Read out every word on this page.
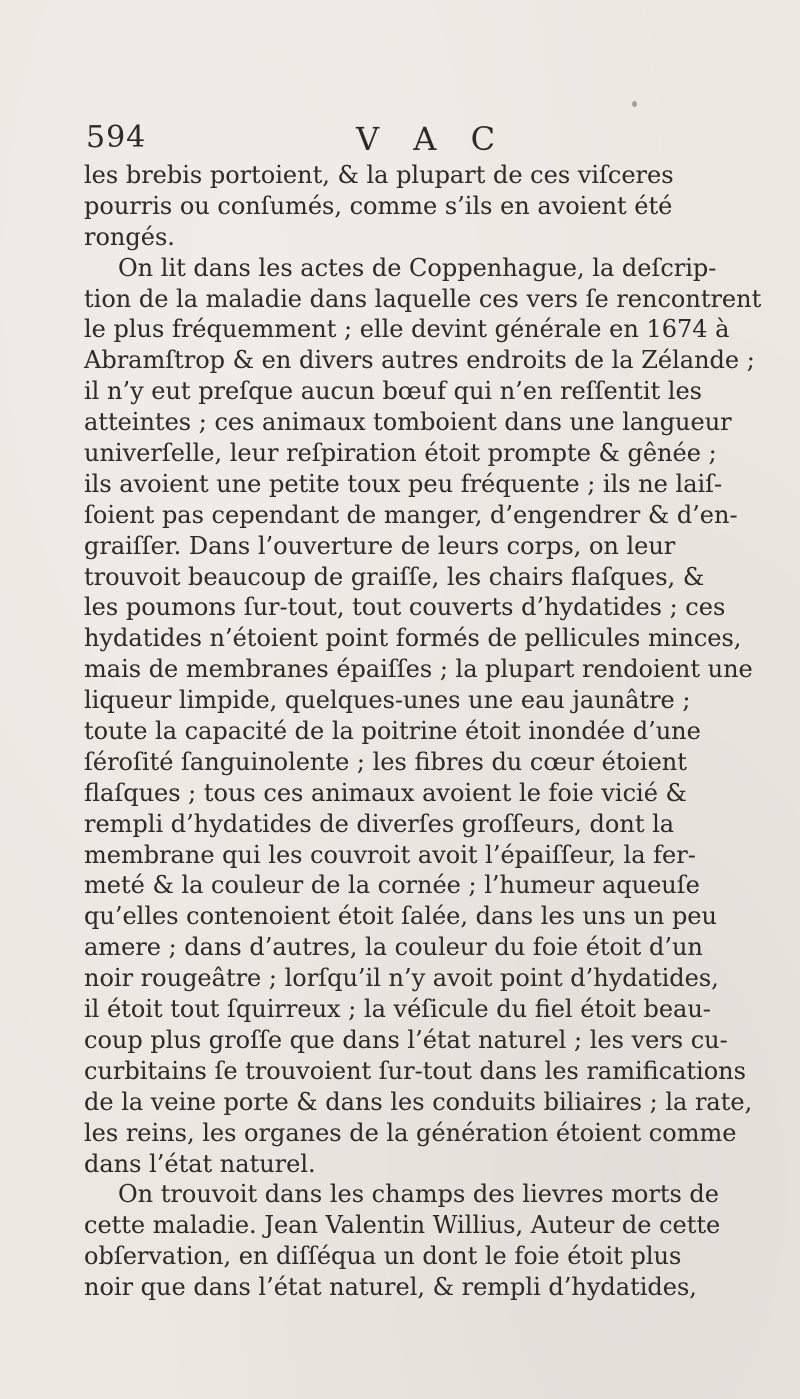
594	V A C
les brebis portoient, & la plupart de ces viſceres
pourris ou conſumés, comme s’ils en avoient été
rongés.
On lit dans les actes de Coppenhague, la deſcrip-
tion de la maladie dans laquelle ces vers ſe rencontrent
le plus fréquemment ; elle devint générale en 1674 à
Abramſtrop & en divers autres endroits de la Zélande ;
il n’y eut preſque aucun bœuf qui n’en reſſentit les
atteintes ; ces animaux tomboient dans une langueur
univerſelle, leur reſpiration étoit prompte & gênée ;
ils avoient une petite toux peu fréquente ; ils ne laiſ-
ſoient pas cependant de manger, d’engendrer & d’en-
graiſſer. Dans l’ouverture de leurs corps, on leur
trouvoit beaucoup de graiſſe, les chairs flaſques, &
les poumons ſur-tout, tout couverts d’hydatides ; ces
hydatides n’étoient point formés de pellicules minces,
mais de membranes épaiſſes ; la plupart rendoient une
liqueur limpide, quelques-unes une eau jaunâtre ;
toute la capacité de la poitrine étoit inondée d’une
ſéroſité ſanguinolente ; les fibres du cœur étoient
flaſques ; tous ces animaux avoient le foie vicié &
rempli d’hydatides de diverſes groſſeurs, dont la
membrane qui les couvroit avoit l’épaiſſeur, la fer-
meté & la couleur de la cornée ; l’humeur aqueuſe
qu’elles contenoient étoit ſalée, dans les uns un peu
amere ; dans d’autres, la couleur du foie étoit d’un
noir rougeâtre ; lorſqu’il n’y avoit point d’hydatides,
il étoit tout ſquirreux ; la véſicule du fiel étoit beau-
coup plus groſſe que dans l’état naturel ; les vers cu-
curbitains ſe trouvoient ſur-tout dans les ramifications
de la veine porte & dans les conduits biliaires ; la rate,
les reins, les organes de la génération étoient comme
dans l’état naturel.
On trouvoit dans les champs des lievres morts de
cette maladie. Jean Valentin Willius, Auteur de cette
obſervation, en diſſéqua un dont le foie étoit plus
noir que dans l’état naturel, & rempli d’hydatides,
